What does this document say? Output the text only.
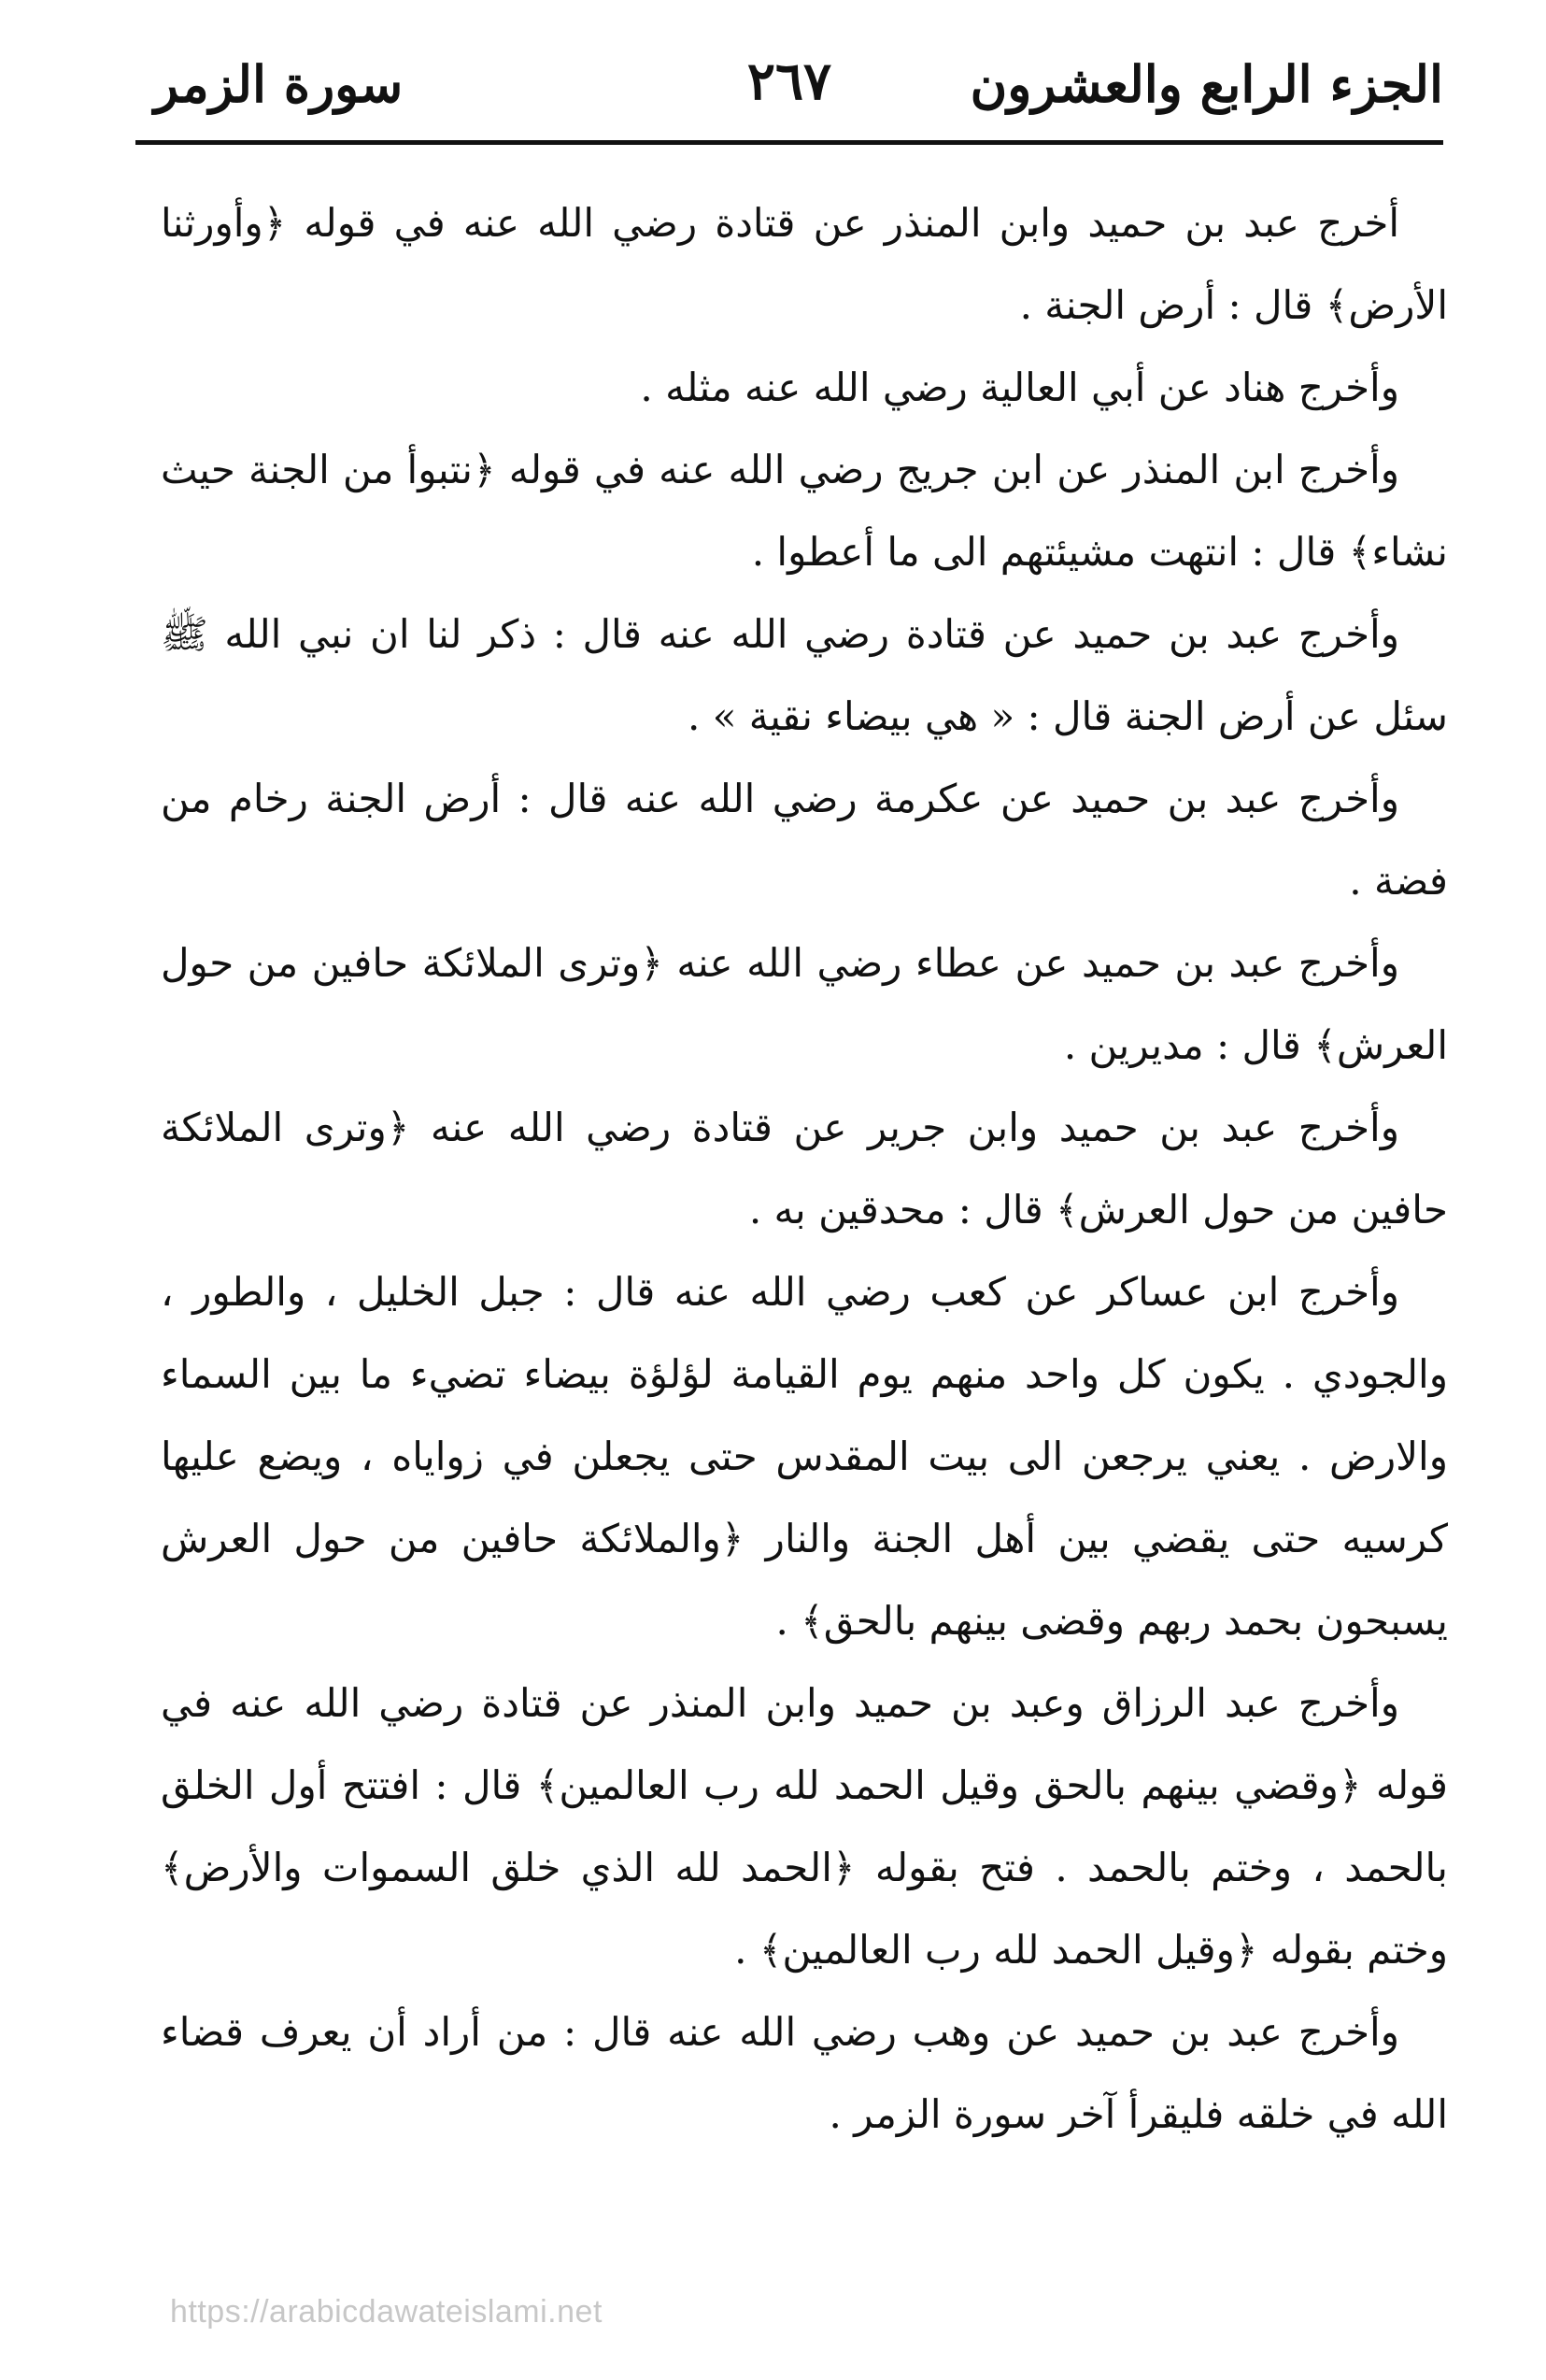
الجزء الرابع والعشرون
٢٦٧
سورة الزمر

أخرج عبد بن حميد وابن المنذر عن قتادة رضي الله عنه في قوله ﴿وأورثنا الأرض﴾ قال : أرض الجنة .

وأخرج هناد عن أبي العالية رضي الله عنه مثله .

وأخرج ابن المنذر عن ابن جريج رضي الله عنه في قوله ﴿نتبوأ من الجنة حيث نشاء﴾ قال : انتهت مشيئتهم الى ما أعطوا .

وأخرج عبد بن حميد عن قتادة رضي الله عنه قال : ذكر لنا ان نبي الله ﷺ سئل عن أرض الجنة قال : « هي بيضاء نقية » .

وأخرج عبد بن حميد عن عكرمة رضي الله عنه قال : أرض الجنة رخام من فضة .

وأخرج عبد بن حميد عن عطاء رضي الله عنه ﴿وترى الملائكة حافين من حول العرش﴾ قال : مديرين .

وأخرج عبد بن حميد وابن جرير عن قتادة رضي الله عنه ﴿وترى الملائكة حافين من حول العرش﴾ قال : محدقين به .

وأخرج ابن عساكر عن كعب رضي الله عنه قال : جبل الخليل ، والطور ، والجودي . يكون كل واحد منهم يوم القيامة لؤلؤة بيضاء تضيء ما بين السماء والارض . يعني يرجعن الى بيت المقدس حتى يجعلن في زواياه ، ويضع عليها كرسيه حتى يقضي بين أهل الجنة والنار ﴿والملائكة حافين من حول العرش يسبحون بحمد ربهم وقضى بينهم بالحق﴾ .

وأخرج عبد الرزاق وعبد بن حميد وابن المنذر عن قتادة رضي الله عنه في قوله ﴿وقضي بينهم بالحق وقيل الحمد لله رب العالمين﴾ قال : افتتح أول الخلق بالحمد ، وختم بالحمد . فتح بقوله ﴿الحمد لله الذي خلق السموات والأرض﴾ وختم بقوله ﴿وقيل الحمد لله رب العالمين﴾ .

وأخرج عبد بن حميد عن وهب رضي الله عنه قال : من أراد أن يعرف قضاء الله في خلقه فليقرأ آخر سورة الزمر .

https://arabicdawateislami.net
